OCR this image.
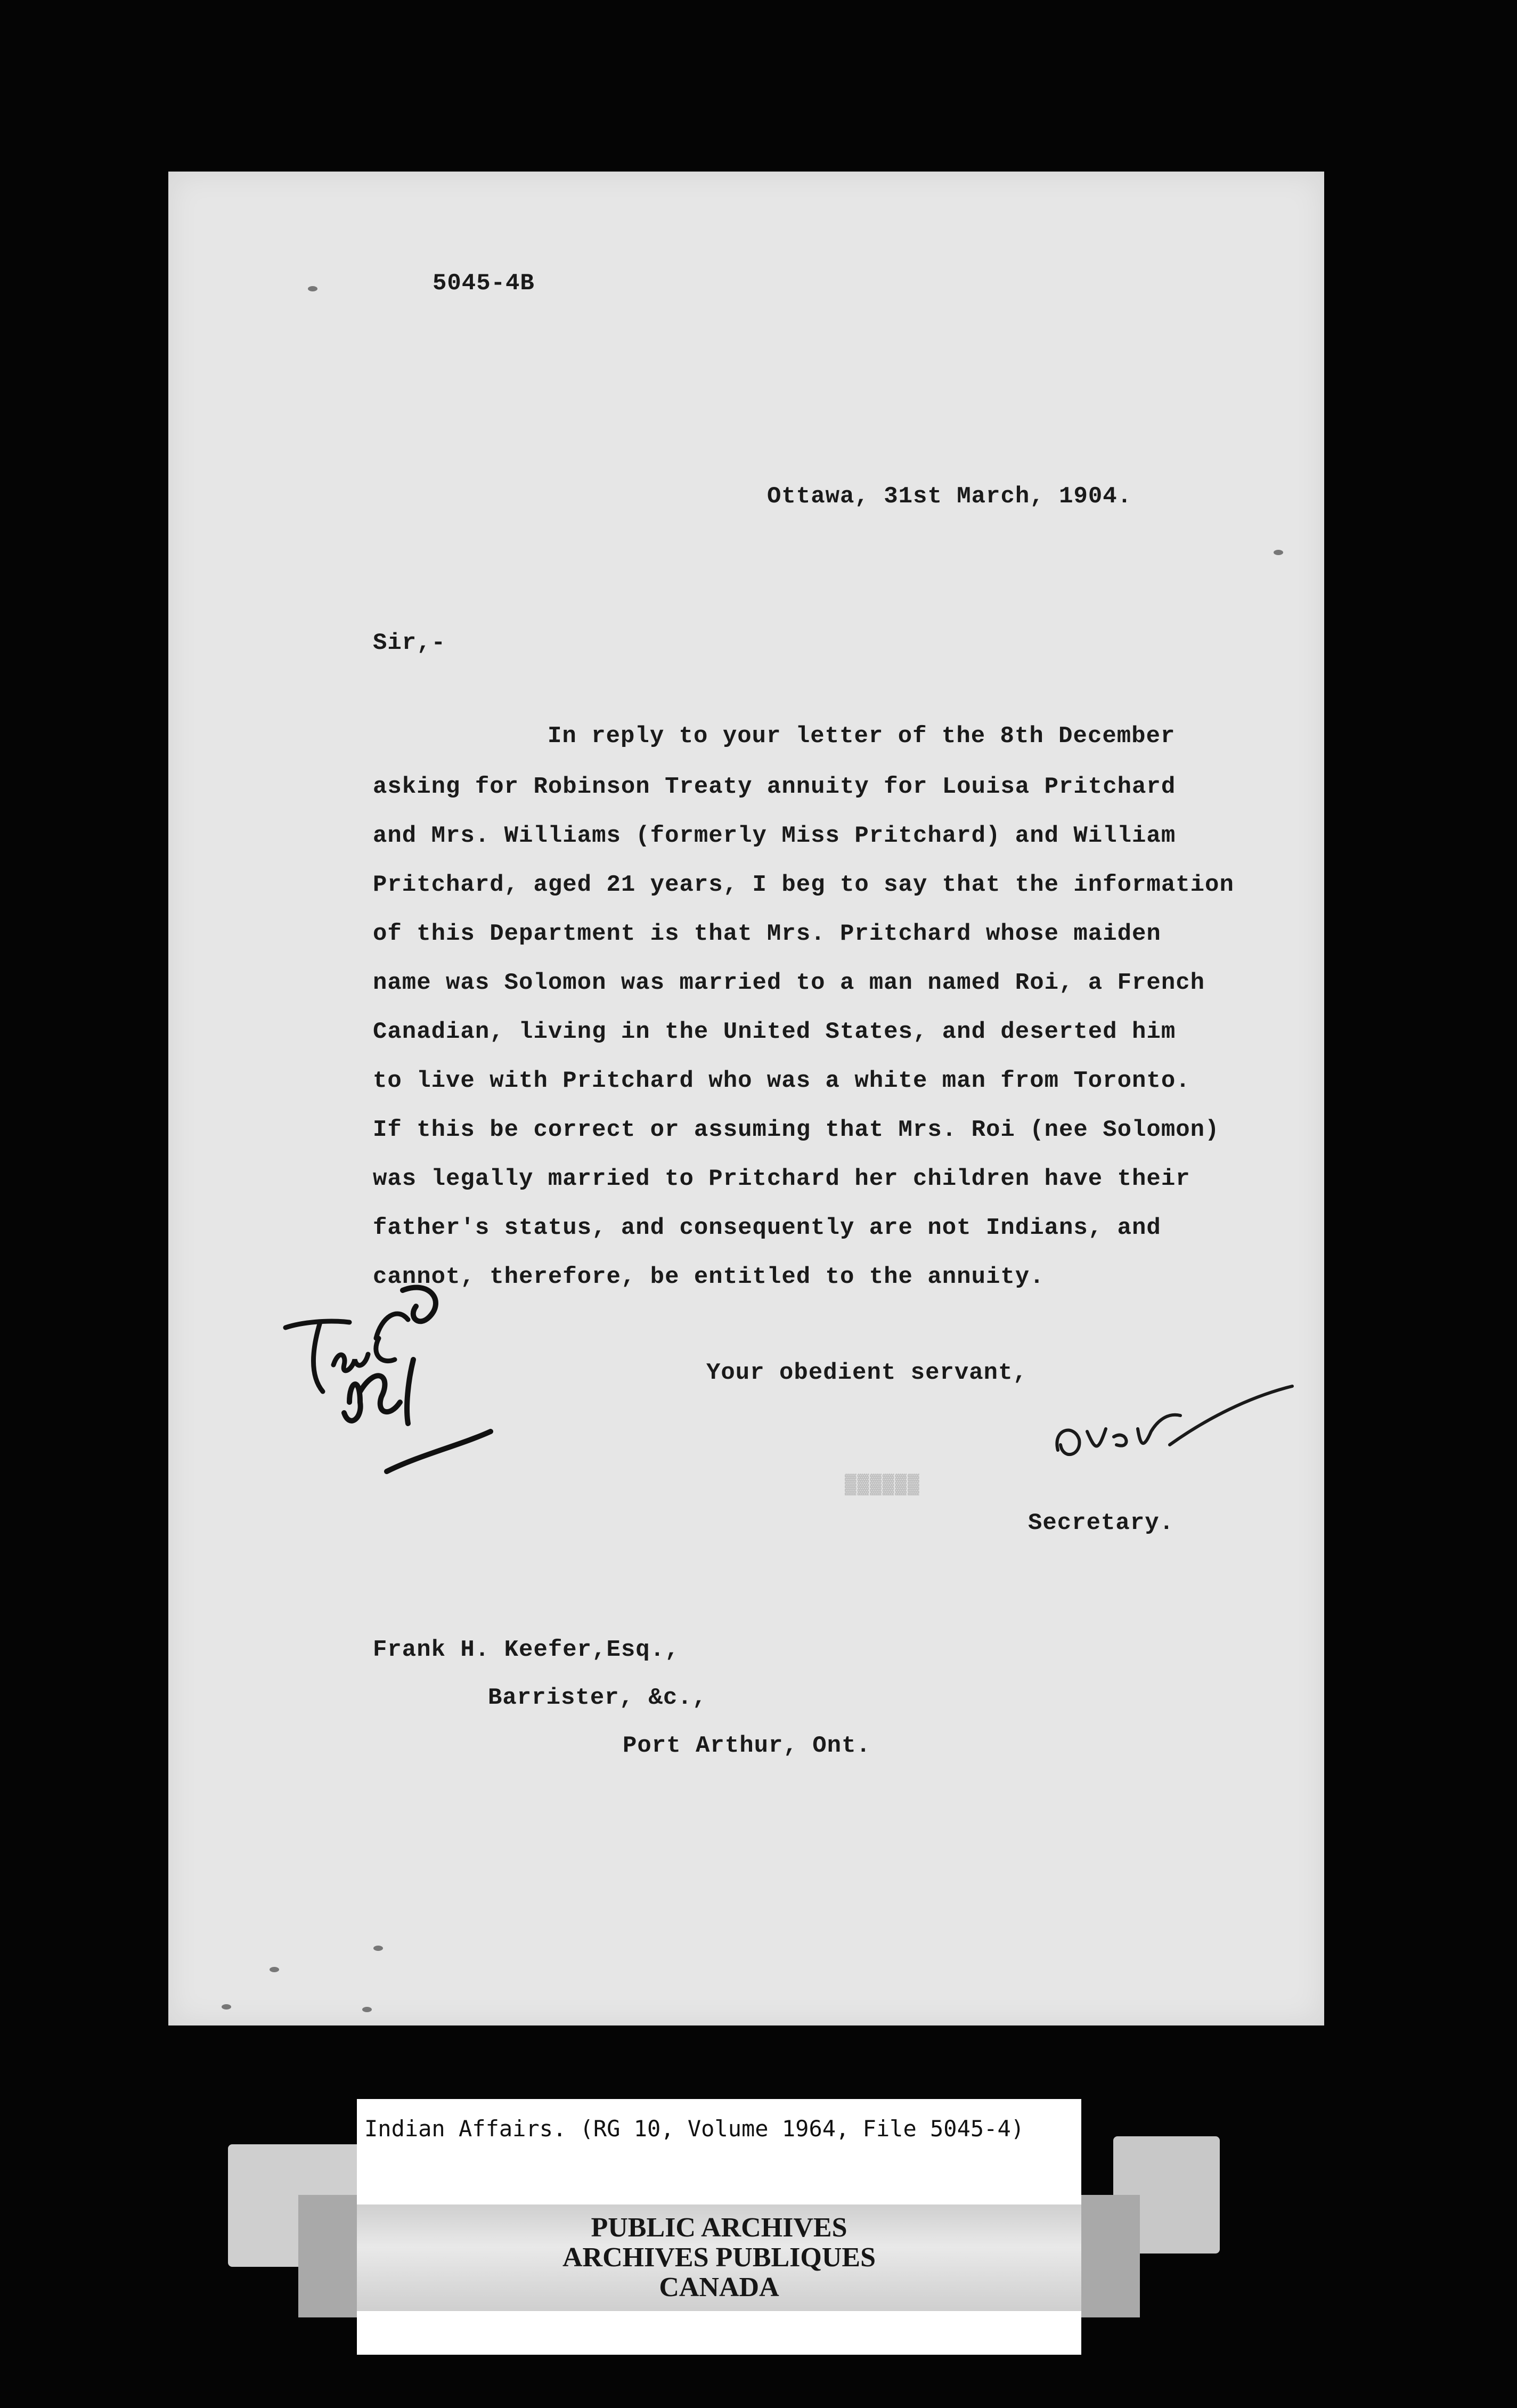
5045-4B
Ottawa, 31st March, 1904.
Sir,-
In reply to your letter of the 8th December
asking for Robinson Treaty annuity for Louisa Pritchard
and Mrs. Williams (formerly Miss Pritchard) and William
Pritchard, aged 21 years, I beg to say that the information
of this Department is that Mrs. Pritchard whose maiden
name was Solomon was married to a man named Roi, a French
Canadian, living in the United States, and deserted him
to live with Pritchard who was a white man from Toronto.
If this be correct or assuming that Mrs. Roi (nee Solomon)
was legally married to Pritchard her children have their
father's status, and consequently are not Indians, and
cannot, therefore, be entitled to the annuity.
Your obedient servant,	over
▓▓▓▓▓▓
Secretary.
Frank H. Keefer,Esq.,
Barrister, &c.,
Port Arthur, Ont.
Indian Affairs. (RG 10, Volume 1964, File 5045-4)
PUBLIC ARCHIVES
ARCHIVES PUBLIQUES
CANADA
